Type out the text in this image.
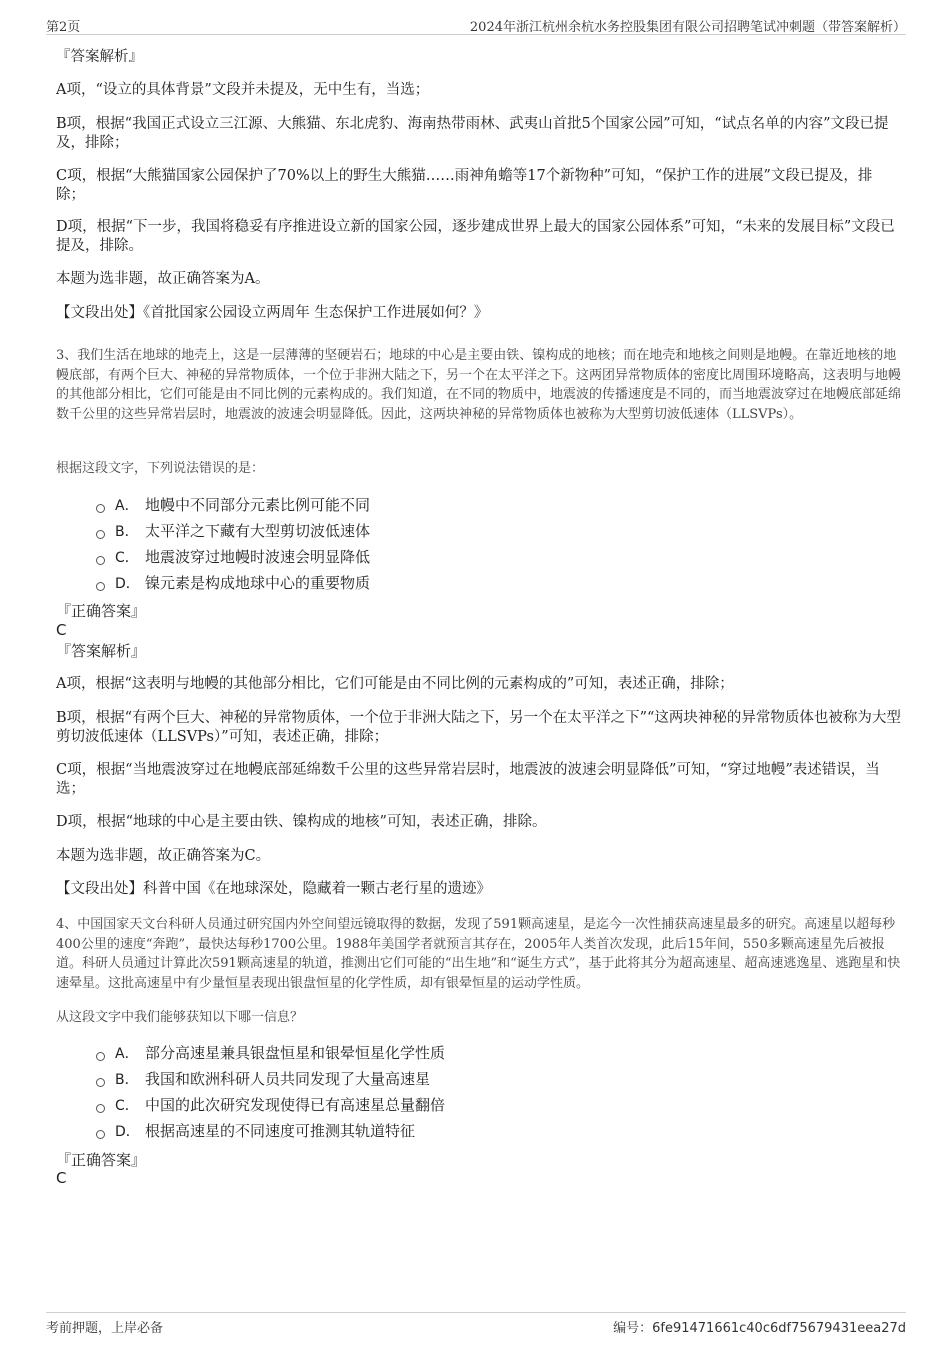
第2页	2024年浙江杭州余杭水务控股集团有限公司招聘笔试冲刺题（带答案解析）
『答案解析』
A项，“设立的具体背景”文段并未提及，无中生有，当选；
B项，根据“我国正式设立三江源、大熊猫、东北虎豹、海南热带雨林、武夷山首批5个国家公园”可知，“试点名单的内容”文段已提及，排除；
C项，根据“大熊猫国家公园保护了70%以上的野生大熊猫……雨神角蟾等17个新物种”可知，“保护工作的进展”文段已提及，排除；
D项，根据“下一步，我国将稳妥有序推进设立新的国家公园，逐步建成世界上最大的国家公园体系”可知，“未来的发展目标”文段已提及，排除。
本题为选非题，故正确答案为A。
【文段出处】《首批国家公园设立两周年 生态保护工作进展如何？》
3、我们生活在地球的地壳上，这是一层薄薄的坚硬岩石；地球的中心是主要由铁、镍构成的地核；而在地壳和地核之间则是地幔。在靠近地核的地幔底部，有两个巨大、神秘的异常物质体，一个位于非洲大陆之下，另一个在太平洋之下。这两团异常物质体的密度比周围环境略高，这表明与地幔的其他部分相比，它们可能是由不同比例的元素构成的。我们知道，在不同的物质中，地震波的传播速度是不同的，而当地震波穿过在地幔底部延绵数千公里的这些异常岩层时，地震波的波速会明显降低。因此，这两块神秘的异常物质体也被称为大型剪切波低速体（LLSVPs）。
根据这段文字，下列说法错误的是：
A． 地幔中不同部分元素比例可能不同
B． 太平洋之下藏有大型剪切波低速体
C． 地震波穿过地幔时波速会明显降低
D． 镍元素是构成地球中心的重要物质
『正确答案』
C
『答案解析』
A项，根据“这表明与地幔的其他部分相比，它们可能是由不同比例的元素构成的”可知，表述正确，排除；
B项，根据“有两个巨大、神秘的异常物质体，一个位于非洲大陆之下，另一个在太平洋之下”“这两块神秘的异常物质体也被称为大型剪切波低速体（LLSVPs）”可知，表述正确，排除；
C项，根据“当地震波穿过在地幔底部延绵数千公里的这些异常岩层时，地震波的波速会明显降低”可知，“穿过地幔”表述错误，当选；
D项，根据“地球的中心是主要由铁、镍构成的地核”可知，表述正确，排除。
本题为选非题，故正确答案为C。
【文段出处】科普中国《在地球深处，隐藏着一颗古老行星的遗迹》
4、中国国家天文台科研人员通过研究国内外空间望远镜取得的数据，发现了591颗高速星，是迄今一次性捕获高速星最多的研究。高速星以超每秒400公里的速度“奔跑”，最快达每秒1700公里。1988年美国学者就预言其存在，2005年人类首次发现，此后15年间，550多颗高速星先后被报道。科研人员通过计算此次591颗高速星的轨道，推测出它们可能的“出生地”和“诞生方式”，基于此将其分为超高速星、超高速逃逸星、逃跑星和快速晕星。这批高速星中有少量恒星表现出银盘恒星的化学性质，却有银晕恒星的运动学性质。
从这段文字中我们能够获知以下哪一信息？
A． 部分高速星兼具银盘恒星和银晕恒星化学性质
B． 我国和欧洲科研人员共同发现了大量高速星
C． 中国的此次研究发现使得已有高速星总量翻倍
D． 根据高速星的不同速度可推测其轨道特征
『正确答案』
C
考前押题，上岸必备	编号：6fe91471661c40c6df75679431eea27d
